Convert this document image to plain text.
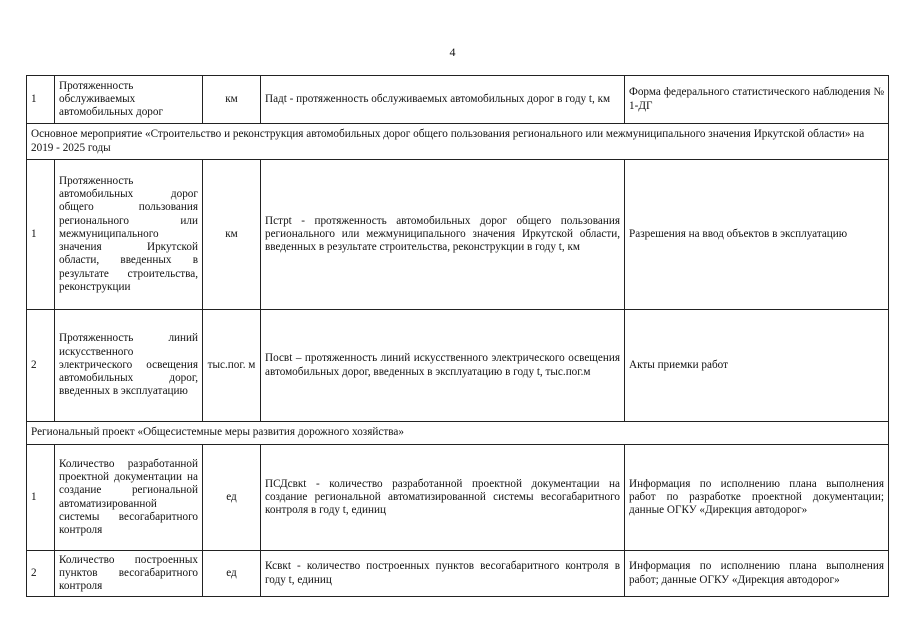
4
1	Протяженность обслуживаемых автомобильных дорог	км	Пaдt - протяженность обслуживаемых автомобильных дорог в году t, км	Форма федерального статистического наблюдения № 1-ДГ
Основное мероприятие «Строительство и реконструкция автомобильных дорог общего пользования регионального или межмуниципального значения Иркутской области» на 2019 - 2025 годы				
1	Протяженность автомобильных дорог общего пользования регионального или межмуниципального значения Иркутской области, введенных в результате строительства, реконструкции	км	Пстрt - протяженность автомобильных дорог общего пользования регионального или межмуниципального значения Иркутской области, введенных в результате строительства, реконструкции в году t, км	Разрешения на ввод объектов в эксплуатацию
2	Протяженность линий искусственного электрического освещения автомобильных дорог, введенных в эксплуатацию	тыс.пог. м	Посвt – протяженность линий искусственного электрического освещения автомобильных дорог, введенных в эксплуатацию в году t, тыс.пог.м	Акты приемки работ
Региональный проект «Общесистемные меры развития дорожного хозяйства»				
1	Количество разработанной проектной документации на создание региональной автоматизированной системы весогабаритного контроля	ед	ПСДсвкt - количество разработанной проектной документации на создание региональной автоматизированной системы весогабаритного контроля в году t, единиц	Информация по исполнению плана выполнения работ по разработке проектной документации; данные ОГКУ «Дирекция автодорог»
2	Количество построенных пунктов весогабаритного контроля	ед	Ксвкt - количество построенных пунктов весогабаритного контроля в году t, единиц	Информация по исполнению плана выполнения работ; данные ОГКУ «Дирекция автодорог»
